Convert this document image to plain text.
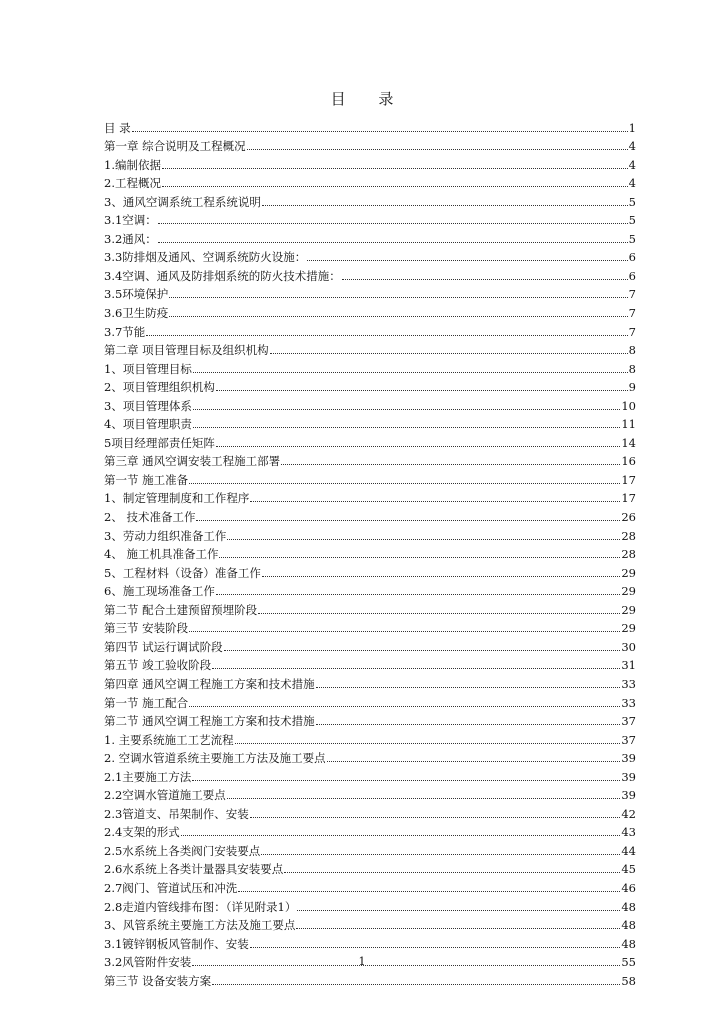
目 录
目 录	1
第一章 综合说明及工程概况	4
1.编制依据	4
2.工程概况	4
3、通风空调系统工程系统说明	5
3.1空调：	5
3.2通风：	5
3.3防排烟及通风、空调系统防火设施：	6
3.4空调、通风及防排烟系统的防火技术措施：	6
3.5环境保护	7
3.6卫生防疫	7
3.7节能	7
第二章 项目管理目标及组织机构	8
1、项目管理目标	8
2、项目管理组织机构	9
3、项目管理体系	10
4、项目管理职责	11
5项目经理部责任矩阵	14
第三章 通风空调安装工程施工部署	16
第一节 施工准备	17
1、制定管理制度和工作程序	17
2、 技术准备工作	26
3、劳动力组织准备工作	28
4、 施工机具准备工作	28
5、工程材料（设备）准备工作	29
6、施工现场准备工作	29
第二节 配合土建预留预埋阶段	29
第三节 安装阶段	29
第四节 试运行调试阶段	30
第五节 竣工验收阶段	31
第四章 通风空调工程施工方案和技术措施	33
第一节 施工配合	33
第二节 通风空调工程施工方案和技术措施	37
1. 主要系统施工工艺流程	37
2. 空调水管道系统主要施工方法及施工要点	39
2.1主要施工方法	39
2.2空调水管道施工要点	39
2.3管道支、吊架制作、安装	42
2.4支架的形式	43
2.5水系统上各类阀门安装要点	44
2.6水系统上各类计量器具安装要点	45
2.7阀门、管道试压和冲洗	46
2.8走道内管线排布图：（详见附录1）	48
3、风管系统主要施工方法及施工要点	48
3.1镀锌钢板风管制作、安装	48
3.2风管附件安装	55
第三节 设备安装方案	58
1
